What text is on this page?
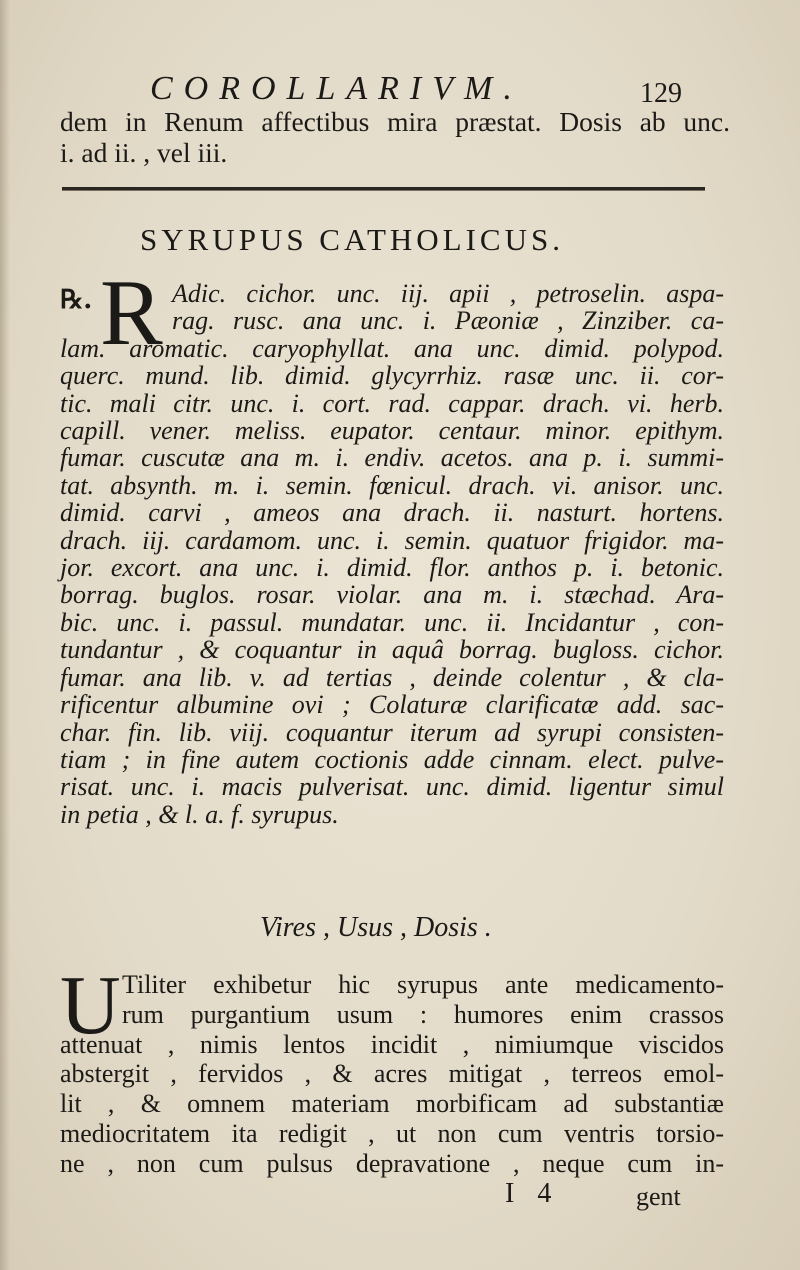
COROLLARIVM.	129
dem in Renum affectibus mira præstat. Dosis ab unc.
i. ad ii. , vel iii.
SYRUPUS CATHOLICUS.
℞. R Adic. cichor. unc. iij. apii , petroselin. aspa-
rag. rusc. ana unc. i. Pæoniæ , Zinziber. ca-
lam. aromatic. caryophyllat. ana unc. dimid. polypod.
querc. mund. lib. dimid. glycyrrhiz. rasæ unc. ii. cor-
tic. mali citr. unc. i. cort. rad. cappar. drach. vi. herb.
capill. vener. meliss. eupator. centaur. minor. epithym.
fumar. cuscutæ ana m. i. endiv. acetos. ana p. i. summi-
tat. absynth. m. i. semin. fœnicul. drach. vi. anisor. unc.
dimid. carvi , ameos ana drach. ii. nasturt. hortens.
drach. iij. cardamom. unc. i. semin. quatuor frigidor. ma-
jor. excort. ana unc. i. dimid. flor. anthos p. i. betonic.
borrag. buglos. rosar. violar. ana m. i. stæchad. Ara-
bic. unc. i. passul. mundatar. unc. ii. Incidantur , con-
tundantur , & coquantur in aquâ borrag. bugloss. cichor.
fumar. ana lib. v. ad tertias , deinde colentur , & cla-
rificentur albumine ovi ; Colaturæ clarificatæ add. sac-
char. fin. lib. viij. coquantur iterum ad syrupi consisten-
tiam ; in fine autem coctionis adde cinnam. elect. pulve-
risat. unc. i. macis pulverisat. unc. dimid. ligentur simul
in petia , & l. a. f. syrupus.
Vires , Usus , Dosis .
U Tiliter exhibetur hic syrupus ante medicamento-
rum purgantium usum : humores enim crassos
attenuat , nimis lentos incidit , nimiumque viscidos
abstergit , fervidos , & acres mitigat , terreos emol-
lit , & omnem materiam morbificam ad substantiæ
mediocritatem ita redigit , ut non cum ventris torsio-
ne , non cum pulsus depravatione , neque cum in-
I 4	gent
